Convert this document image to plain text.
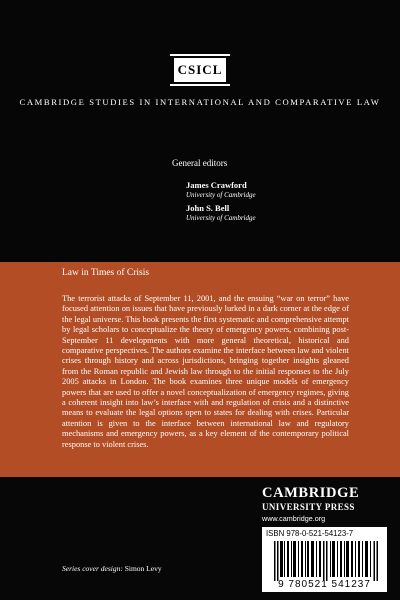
CSICL
CAMBRIDGE STUDIES IN INTERNATIONAL AND COMPARATIVE LAW
General editors
James Crawford
University of Cambridge
John S. Bell
University of Cambridge
Law in Times of Crisis

The terrorist attacks of September 11, 2001, and the ensuing “war on terror” have focused attention on issues that have previously lurked in a dark corner at the edge of the legal universe. This book presents the first systematic and comprehensive attempt by legal scholars to conceptualize the theory of emergency powers, combining post-September 11 developments with more general theoretical, historical and comparative perspectives. The authors examine the interface between law and violent crises through history and across jurisdictions, bringing together insights gleaned from the Roman republic and Jewish law through to the initial responses to the July 2005 attacks in London. The book examines three unique models of emergency powers that are used to offer a novel conceptualization of emergency regimes, giving a coherent insight into law’s interface with and regulation of crisis and a distinctive means to evaluate the legal options open to states for dealing with crises. Particular attention is given to the interface between international law and regulatory mechanisms and emergency powers, as a key element of the contemporary political response to violent crises.

CAMBRIDGE
UNIVERSITY PRESS
www.cambridge.org
Series cover design: Simon Levy
ISBN 978-0-521-54123-7
9 780521 541237
